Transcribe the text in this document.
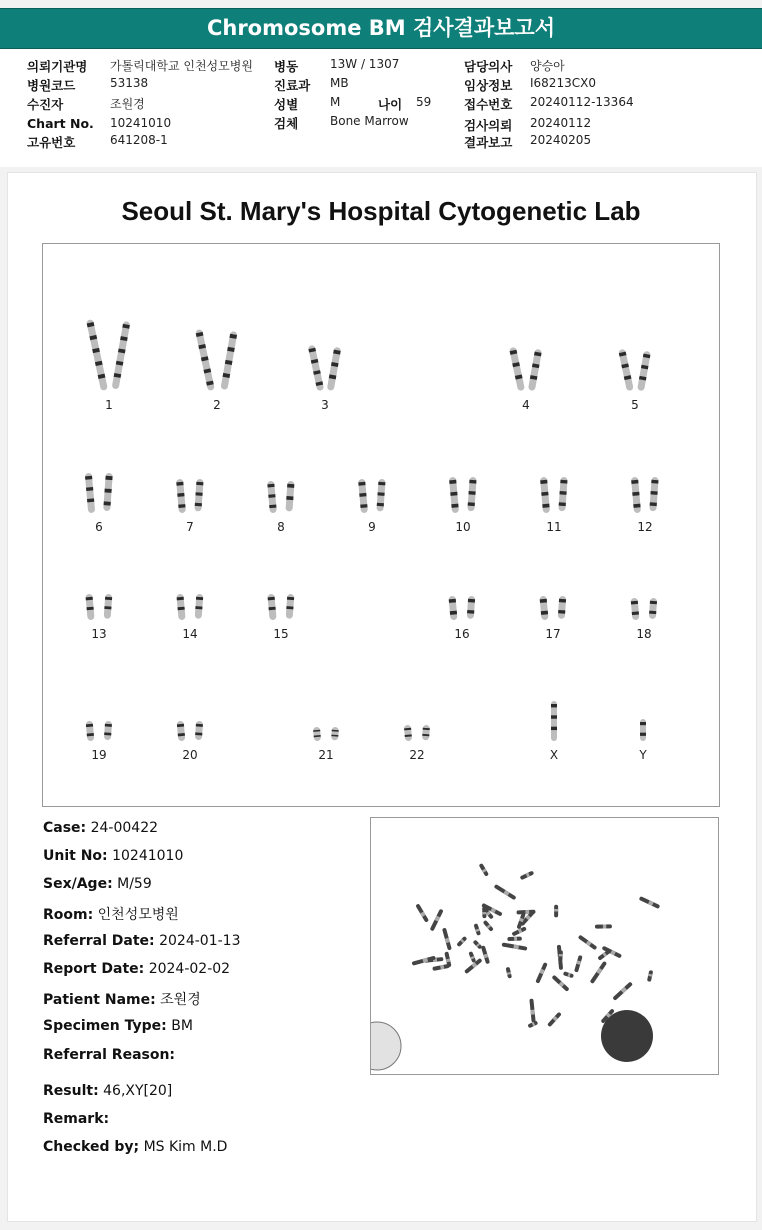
Chromosome BM 검사결과보고서
의뢰기관명 가톨릭대학교 인천성모병원
병원코드	53138
수진자	조원경
Chart No. 10241010
고유번호	641208-1
병동	13W / 1307
진료과 MB
성별	M	나이 59
검체	Bone Marrow
담당의사 양승아
임상정보 I68213CX0
접수번호 20240112-13364
검사의뢰 20240112
결과보고 20240205
Seoul St. Mary's Hospital Cytogenetic Lab
1	2	3	4	5
6	7	8	9	10	11	12
13	14	15	16	17	18
19	20	21	22	X	Y
Case: 24-00422
Unit No: 10241010
Sex/Age: M/59
Room: 인천성모병원
Referral Date: 2024-01-13
Report Date: 2024-02-02
Patient Name: 조원경
Specimen Type: BM
Referral Reason:
Result: 46,XY[20]
Remark:
Checked by; MS Kim M.D
